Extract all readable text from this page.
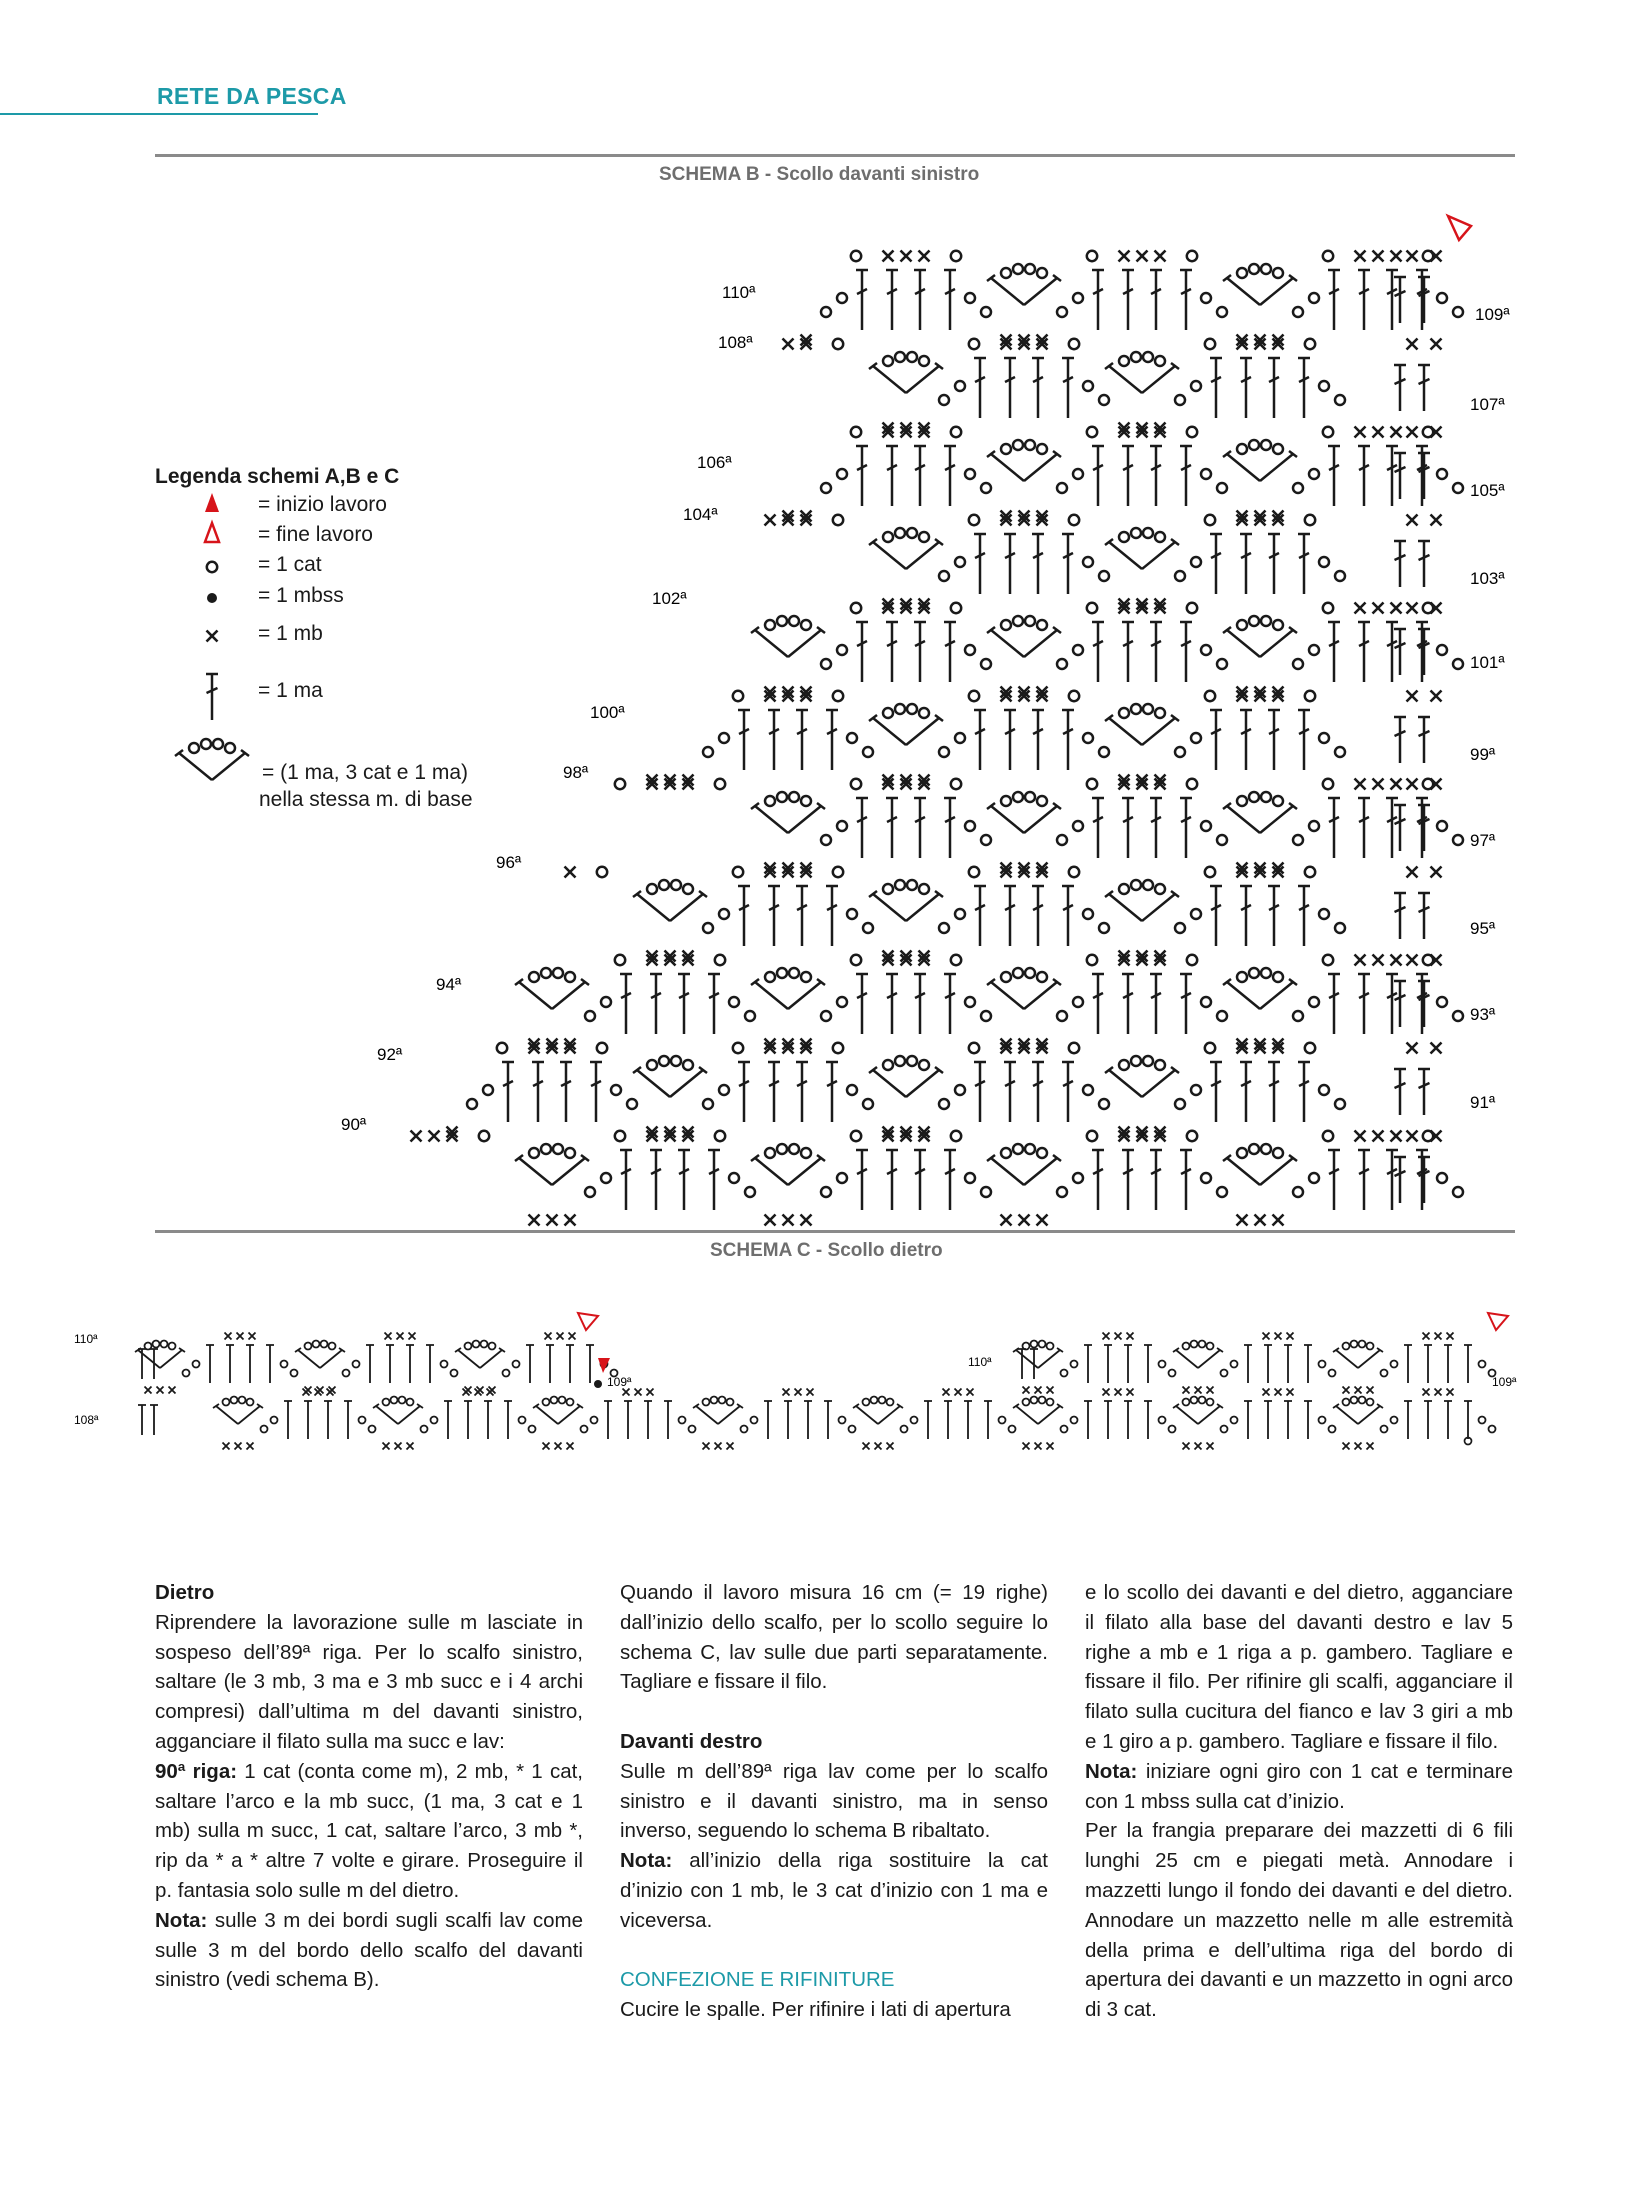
RETE DA PESCA
SCHEMA B - Scollo davanti sinistro
SCHEMA C - Scollo dietro
Legenda schemi A,B e C
= inizio lavoro
= fine lavoro
= 1 cat
= 1 mbss
= 1 mb
= 1 ma
= (1 ma, 3 cat e 1 ma)
nella stessa m. di base
110ª
108ª
106ª
104ª
102ª
100ª
98ª
96ª
94ª
92ª
90ª
109ª
107ª
105ª
103ª
101ª
99ª
97ª
95ª
93ª
91ª
110ª
108ª
109ª
110ª
109ª

Dietro

Riprendere la lavorazione sulle m lasciate in sospeso dell’89ª riga. Per lo scalfo sinistro, saltare (le 3 mb, 3 ma e 3 mb succ e i 4 archi compresi) dall’ultima m del davanti sinistro, agganciare il filato sulla ma succ e lav:

90ª riga: 1 cat (conta come m), 2 mb, * 1 cat, saltare l’arco e la mb succ, (1 ma, 3 cat e 1 mb) sulla m succ, 1 cat, saltare l’arco, 3 mb *, rip da * a * altre 7 volte e girare. Proseguire il p. fantasia solo sulle m del dietro.

Nota: sulle 3 m dei bordi sugli scalfi lav come sulle 3 m del bordo dello scalfo del davanti sinistro (vedi schema B).

Quando il lavoro misura 16 cm (= 19 righe) dall’inizio dello scalfo, per lo scollo seguire lo schema C, lav sulle due parti separatamente. Tagliare e fissare il filo.

Davanti destro

Sulle m dell’89ª riga lav come per lo scalfo sinistro e il davanti sinistro, ma in senso inverso, seguendo lo schema B ribaltato.

Nota: all’inizio della riga sostituire la cat d’inizio con 1 mb, le 3 cat d’inizio con 1 ma e viceversa.

CONFEZIONE E RIFINITURE

Cucire le spalle. Per rifinire i lati di apertura

e lo scollo dei davanti e del dietro, agganciare il filato alla base del davanti destro e lav 5 righe a mb e 1 riga a p. gambero. Tagliare e fissare il filo. Per rifinire gli scalfi, agganciare il filato sulla cucitura del fianco e lav 3 giri a mb e 1 giro a p. gambero. Tagliare e fissare il filo.

Nota: iniziare ogni giro con 1 cat e terminare con 1 mbss sulla cat d’inizio.

Per la frangia preparare dei mazzetti di 6 fili lunghi 25 cm e piegati metà. Annodare i mazzetti lungo il fondo dei davanti e del dietro. Annodare un mazzetto nelle m alle estremità della prima e dell’ultima riga del bordo di apertura dei davanti e un mazzetto in ogni arco di 3 cat.
